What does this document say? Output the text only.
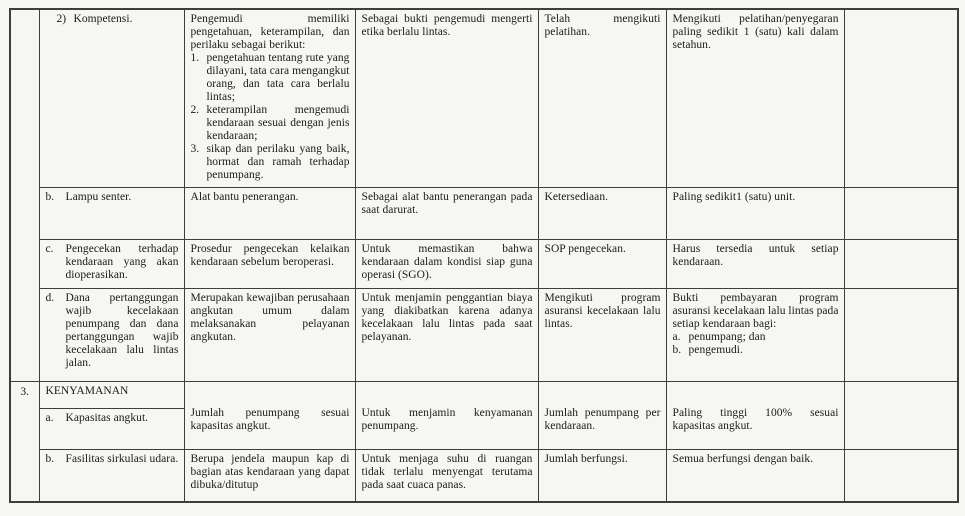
	2) Kompetensi.	Pengemudi memiliki pengetahuan, keterampilan, dan perilaku sebagai berikut:
1. pengetahuan tentang rute yang dilayani, tata cara mengangkut orang, dan tata cara berlalu lintas;
2. keterampilan mengemudi kendaraan sesuai dengan jenis kendaraan;
3. sikap dan perilaku yang baik, hormat dan ramah terhadap penumpang.	Sebagai bukti pengemudi mengerti etika berlalu lintas.	Telah mengikuti pelatihan.	Mengikuti pelatihan/penyegaran paling sedikit 1 (satu) kali dalam setahun.	

	b. Lampu senter.	Alat bantu penerangan.	Sebagai alat bantu penerangan pada saat darurat.	Ketersediaan.	Paling sedikit1 (satu) unit.	

	c. Pengecekan terhadap kendaraan yang akan dioperasikan.	Prosedur pengecekan kelaikan kendaraan sebelum beroperasi.	Untuk memastikan bahwa kendaraan dalam kondisi siap guna operasi (SGO).	SOP pengecekan.	Harus tersedia untuk setiap kendaraan.	

	d. Dana pertanggungan wajib kecelakaan penumpang dan dana pertanggungan wajib kecelakaan lalu lintas jalan.	Merupakan kewajiban perusahaan angkutan umum dalam melaksanakan pelayanan angkutan.	Untuk menjamin penggantian biaya yang diakibatkan karena adanya kecelakaan lalu lintas pada saat pelayanan.	Mengikuti program asuransi kecelakaan lalu lintas.	Bukti pembayaran program asuransi kecelakaan lalu lintas pada setiap kendaraan bagi:
a. penumpang; dan
b. pengemudi.	

3.	KENYAMANAN	Jumlah penumpang sesuai kapasitas angkut.	Untuk menjamin kenyamanan penumpang.	Jumlah penumpang per kendaraan.	Paling tinggi 100% sesuai kapasitas angkut.	

	a. Kapasitas angkut.					

	b. Fasilitas sirkulasi udara.	Berupa jendela maupun kap di bagian atas kendaraan yang dapat dibuka/ditutup	Untuk menjaga suhu di ruangan tidak terlalu menyengat terutama pada saat cuaca panas.	Jumlah berfungsi.	Semua berfungsi dengan baik.	
